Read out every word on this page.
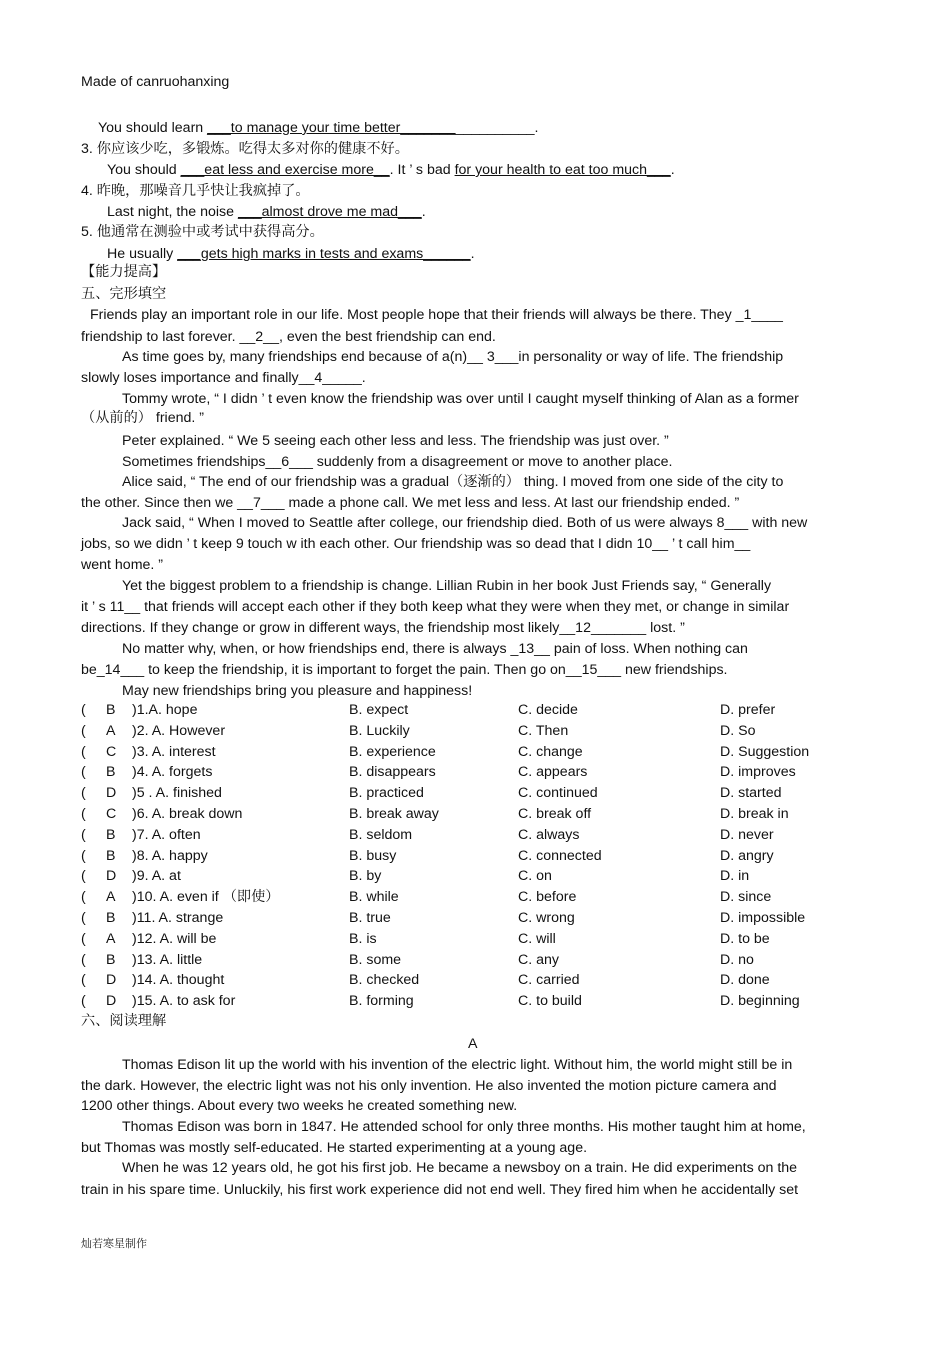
Made of canruohanxing
You should learn ___to manage your time better_________________.
3. 你应该少吃，多锻炼。吃得太多对你的健康不好。
You should ___eat less and exercise more__. It ’ s bad for your health to eat too much___.
4. 昨晚，那噪音几乎快让我疯掉了。
Last night, the noise ___almost drove me mad___.
5. 他通常在测验中或考试中获得高分。
He usually ___gets high marks in tests and exams______.
【能力提高】
五、完形填空
Friends play an important role in our life. Most people hope that their friends will always be there. They _1____
friendship to last forever. __2__, even the best friendship can end.
As time goes by, many friendships end because of a(n)__ 3___in personality or way of life. The friendship
slowly loses importance and finally__4_____.
Tommy wrote, “ I didn ’ t even know the friendship was over until I caught myself thinking of Alan as a former
（从前的） friend. ”
Peter explained. “ We 5 seeing each other less and less. The friendship was just over. ”
Sometimes friendships__6___ suddenly from a disagreement or move to another place.
Alice said, “ The end of our friendship was a gradual（逐渐的） thing. I moved from one side of the city to
the other. Since then we __7___ made a phone call. We met less and less. At last our friendship ended. ”
Jack said, “ When I moved to Seattle after college, our friendship died. Both of us were always 8___ with new
jobs, so we didn ’ t keep 9 touch w ith each other. Our friendship was so dead that I didn 10__ ’ t call him__
went home. ”
Yet the biggest problem to a friendship is change. Lillian Rubin in her book Just Friends say, “ Generally
it ’ s 11__ that friends will accept each other if they both keep what they were when they met, or change in similar
directions. If they change or grow in different ways, the friendship most likely__12_______ lost. ”
No matter why, when, or how friendships end, there is always _13__ pain of loss. When nothing can
be_14___ to keep the friendship, it is important to forget the pain. Then go on__15___ new friendships.
May new friendships bring you pleasure and happiness!
( B )1.A. hope	B. expect	C. decide	D. prefer
( A )2. A. However	B. Luckily	C. Then	D. So
( C )3. A. interest	B. experience	C. change	D. Suggestion
( B )4. A. forgets	B. disappears	C. appears	D. improves
( D )5 . A. finished	B. practiced	C. continued	D. started
( C )6. A. break down	B. break away	C. break off	D. break in
( B )7. A. often	B. seldom	C. always	D. never
( B )8. A. happy	B. busy	C. connected	D. angry
( D )9. A. at	B. by	C. on	D. in
( A )10. A. even if （即使）	B. while	C. before	D. since
( B )11. A. strange	B. true	C. wrong	D. impossible
( A )12. A. will be	B. is	C. will	D. to be
( B )13. A. little	B. some	C. any	D. no
( D )14. A. thought	B. checked	C. carried	D. done
( D )15. A. to ask for	B. forming	C. to build	D. beginning
六、阅读理解
A
Thomas Edison lit up the world with his invention of the electric light. Without him, the world might still be in
the dark. However, the electric light was not his only invention. He also invented the motion picture camera and
1200 other things. About every two weeks he created something new.
Thomas Edison was born in 1847. He attended school for only three months. His mother taught him at home,
but Thomas was mostly self-educated. He started experimenting at a young age.
When he was 12 years old, he got his first job. He became a newsboy on a train. He did experiments on the
train in his spare time. Unluckily, his first work experience did not end well. They fired him when he accidentally set
灿若寒星制作
